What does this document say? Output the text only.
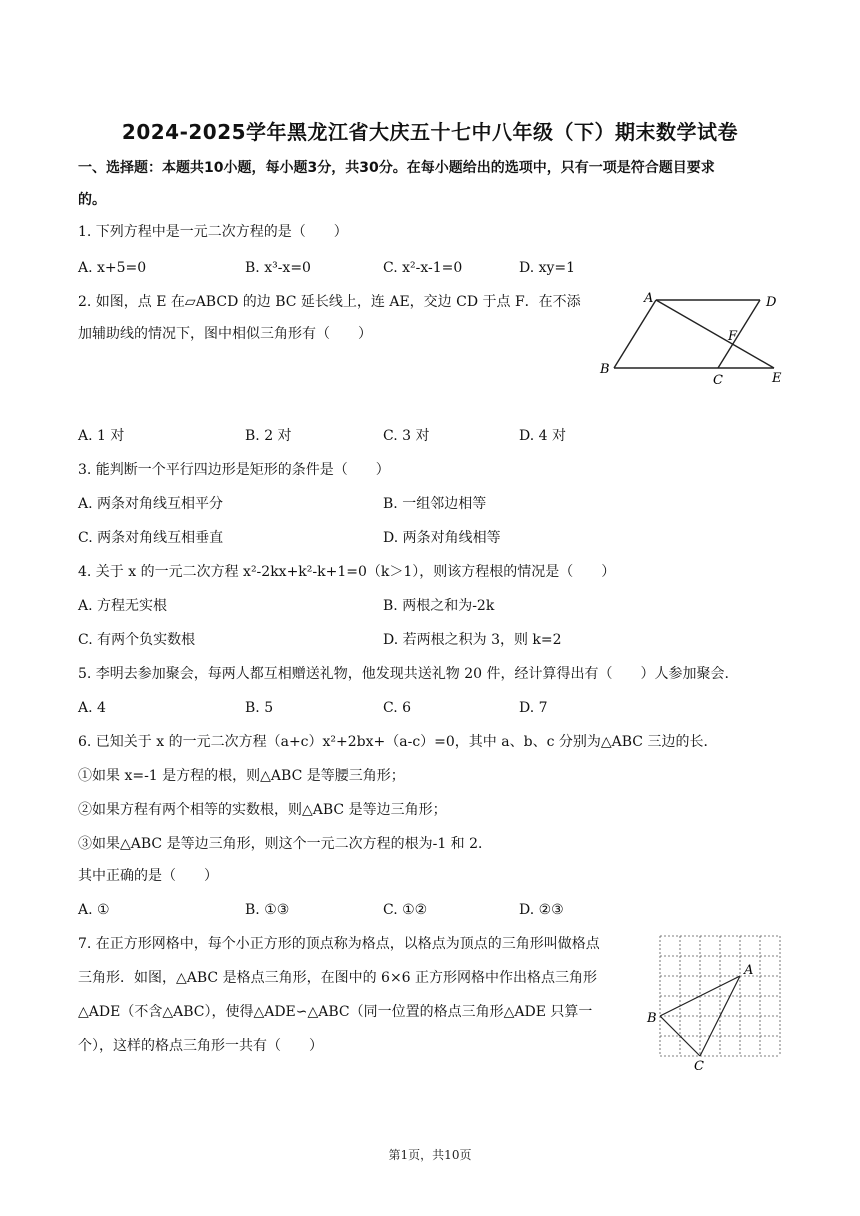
2024-2025学年黑龙江省大庆五十七中八年级（下）期末数学试卷
一、选择题：本题共10小题，每小题3分，共30分。在每小题给出的选项中，只有一项是符合题目要求
的。
1. 下列方程中是一元二次方程的是（　　）
A. x+5=0	B. x³-x=0	C. x²-x-1=0	D. xy=1
2. 如图，点 E 在▱ABCD 的边 BC 延长线上，连 AE，交边 CD 于点 F．在不添
加辅助线的情况下，图中相似三角形有（　　）
A	D
F
B
C	E
A. 1 对	B. 2 对	C. 3 对	D. 4 对
3. 能判断一个平行四边形是矩形的条件是（　　）
A. 两条对角线互相平分	B. 一组邻边相等
C. 两条对角线互相垂直	D. 两条对角线相等
4. 关于 x 的一元二次方程 x²-2kx+k²-k+1=0（k＞1），则该方程根的情况是（　　）
A. 方程无实根	B. 两根之和为-2k
C. 有两个负实数根	D. 若两根之积为 3，则 k=2
5. 李明去参加聚会，每两人都互相赠送礼物，他发现共送礼物 20 件，经计算得出有（　　）人参加聚会.
A. 4	B. 5	C. 6	D. 7
6. 已知关于 x 的一元二次方程（a+c）x²+2bx+（a-c）=0，其中 a、b、c 分别为△ABC 三边的长．
①如果 x=-1 是方程的根，则△ABC 是等腰三角形；
②如果方程有两个相等的实数根，则△ABC 是等边三角形；
③如果△ABC 是等边三角形，则这个一元二次方程的根为-1 和 2．
其中正确的是（　　）
A. ①	B. ①③	C. ①②	D. ②③
7. 在正方形网格中，每个小正方形的顶点称为格点，以格点为顶点的三角形叫做格点
三角形．如图，△ABC 是格点三角形，在图中的 6×6 正方形网格中作出格点三角形
△ADE（不含△ABC），使得△ADE∽△ABC（同一位置的格点三角形△ADE 只算一
个），这样的格点三角形一共有（　　）
A
B
C
第1页，共10页
